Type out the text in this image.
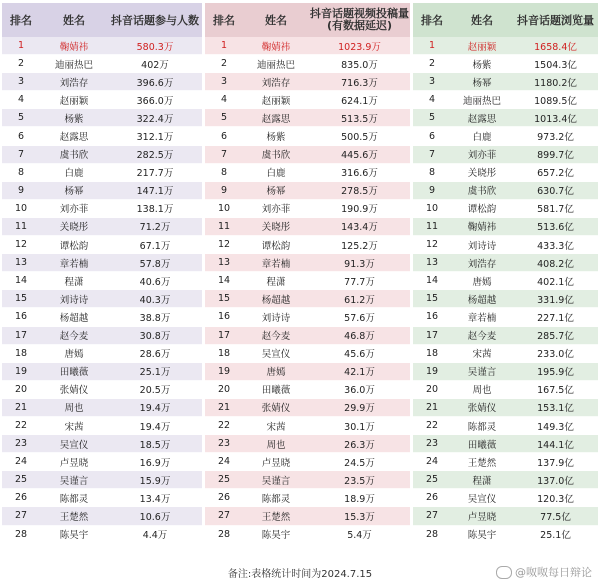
排名	姓名	抖音话题参与人数
1	鞠婧祎	580.3万
2	迪丽热巴	402万
3	刘浩存	396.6万
4	赵丽颖	366.0万
5	杨紫	322.4万
6	赵露思	312.1万
7	虞书欣	282.5万
8	白鹿	217.7万
9	杨幂	147.1万
10	刘亦菲	138.1万
11	关晓彤	71.2万
12	谭松韵	67.1万
13	章若楠	57.8万
14	程潇	40.6万
15	刘诗诗	40.3万
16	杨超越	38.8万
17	赵今麦	30.8万
18	唐嫣	28.6万
19	田曦薇	25.1万
20	张婧仪	20.5万
21	周也	19.4万
22	宋茜	19.4万
23	吴宣仪	18.5万
24	卢昱晓	16.9万
25	吴谨言	15.9万
26	陈都灵	13.4万
27	王楚然	10.6万
28	陈昊宇	4.4万
排名	姓名
抖音话题视频投稿量
(有数据延迟)
1	鞠婧祎	1023.9万
2	迪丽热巴	835.0万
3	刘浩存	716.3万
4	赵丽颖	624.1万
5	赵露思	513.5万
6	杨紫	500.5万
7	虞书欣	445.6万
8	白鹿	316.6万
9	杨幂	278.5万
10	刘亦菲	190.9万
11	关晓彤	143.4万
12	谭松韵	125.2万
13	章若楠	91.3万
14	程潇	77.7万
15	杨超越	61.2万
16	刘诗诗	57.6万
17	赵今麦	46.8万
18	吴宣仪	45.6万
19	唐嫣	42.1万
20	田曦薇	36.0万
21	张婧仪	29.9万
22	宋茜	30.1万
23	周也	26.3万
24	卢昱晓	24.5万
25	吴谨言	23.5万
26	陈都灵	18.9万
27	王楚然	15.3万
28	陈昊宇	5.4万
排名	姓名	抖音话题浏览量
1	赵丽颖	1658.4亿
2	杨紫	1504.3亿
3	杨幂	1180.2亿
4	迪丽热巴	1089.5亿
5	赵露思	1013.4亿
6	白鹿	973.2亿
7	刘亦菲	899.7亿
8	关晓彤	657.2亿
9	虞书欣	630.7亿
10	谭松韵	581.7亿
11	鞠婧祎	513.6亿
12	刘诗诗	433.3亿
13	刘浩存	408.2亿
14	唐嫣	402.1亿
15	杨超越	331.9亿
16	章若楠	227.1亿
17	赵今麦	285.7亿
18	宋茜	233.0亿
19	吴谨言	195.9亿
20	周也	167.5亿
21	张婧仪	153.1亿
22	陈都灵	149.3亿
23	田曦薇	144.1亿
24	王楚然	137.9亿
25	程潇	137.0亿
26	吴宣仪	120.3亿
27	卢昱晓	77.5亿
28	陈昊宇	25.1亿
备注:表格统计时间为2024.7.15	@呶呶每日辩论
